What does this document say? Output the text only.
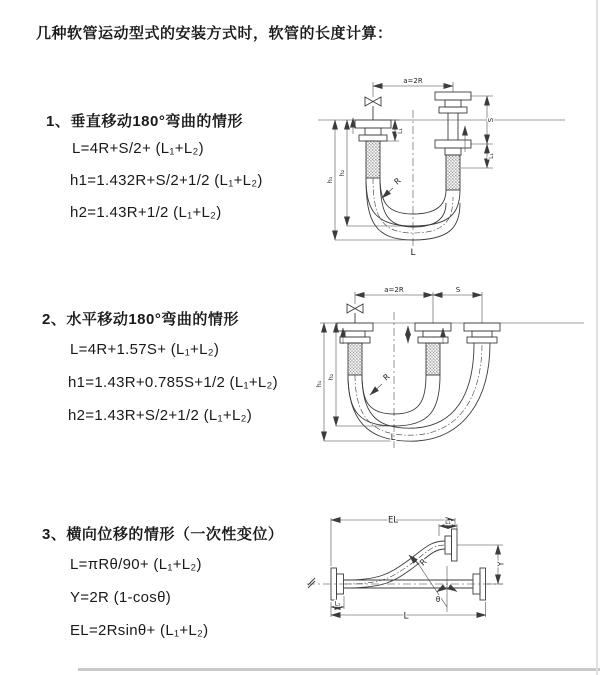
几种软管运动型式的安装方式时，软管的长度计算：
1、垂直移动180°弯曲的情形
L=4R+S/2+ (L₁+L₂)
h1=1.432R+S/2+1/2 (L₁+L₂)
h2=1.43R+1/2 (L₁+L₂)
2、水平移动180°弯曲的情形
L=4R+1.57S+ (L₁+L₂)
h1=1.43R+0.785S+1/2 (L₁+L₂)
h2=1.43R+S/2+1/2 (L₁+L₂)
3、横向位移的情形（一次性变位）
L=πRθ/90+ (L₁+L₂)
Y=2R (1-cosθ)
EL=2Rsinθ+ (L₁+L₂)
a=2R
L₁
S
L₁
h₁
h₂
R
L
a=2R	S
h₁
h₂	R
L
EL	L₁
Y
R
θ
L
L₁
